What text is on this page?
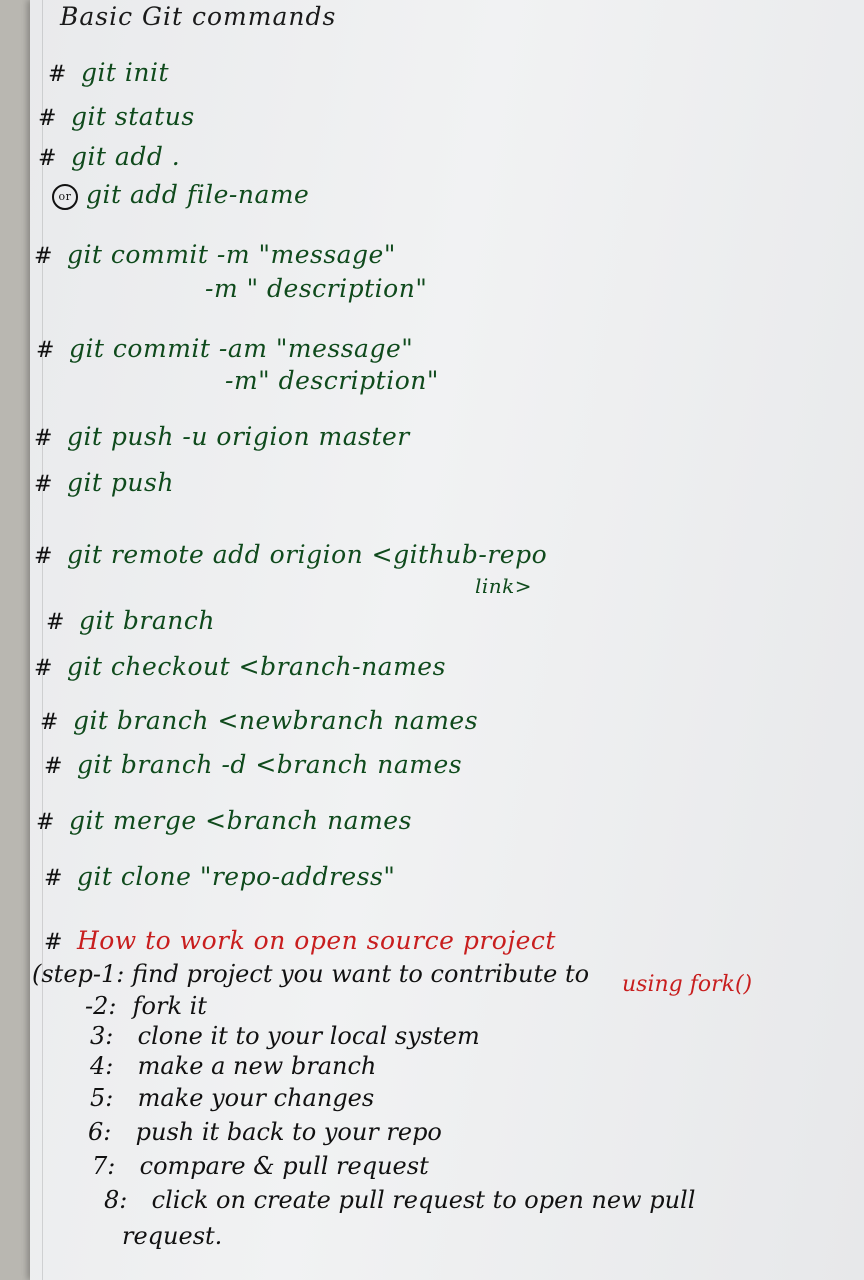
Basic Git commands
# git init
# git status
# git add .
or git add file-name
# git commit -m "message"
-m " description"
# git commit -am "message"
-m" description"
# git push -u origion master
# git push
# git remote add origion <github-repo
link>
# git branch
# git checkout <branch-names
# git branch <newbranch names
# git branch -d <branch names
# git merge <branch names
# git clone "repo-address"
# How to work on open source project
(step-1: find project you want to contribute to using fork()
-2: fork it
3: clone it to your local system
4: make a new branch
5: make your changes
6: push it back to your repo
7: compare & pull request
8: click on create pull request to open new pull
request.
